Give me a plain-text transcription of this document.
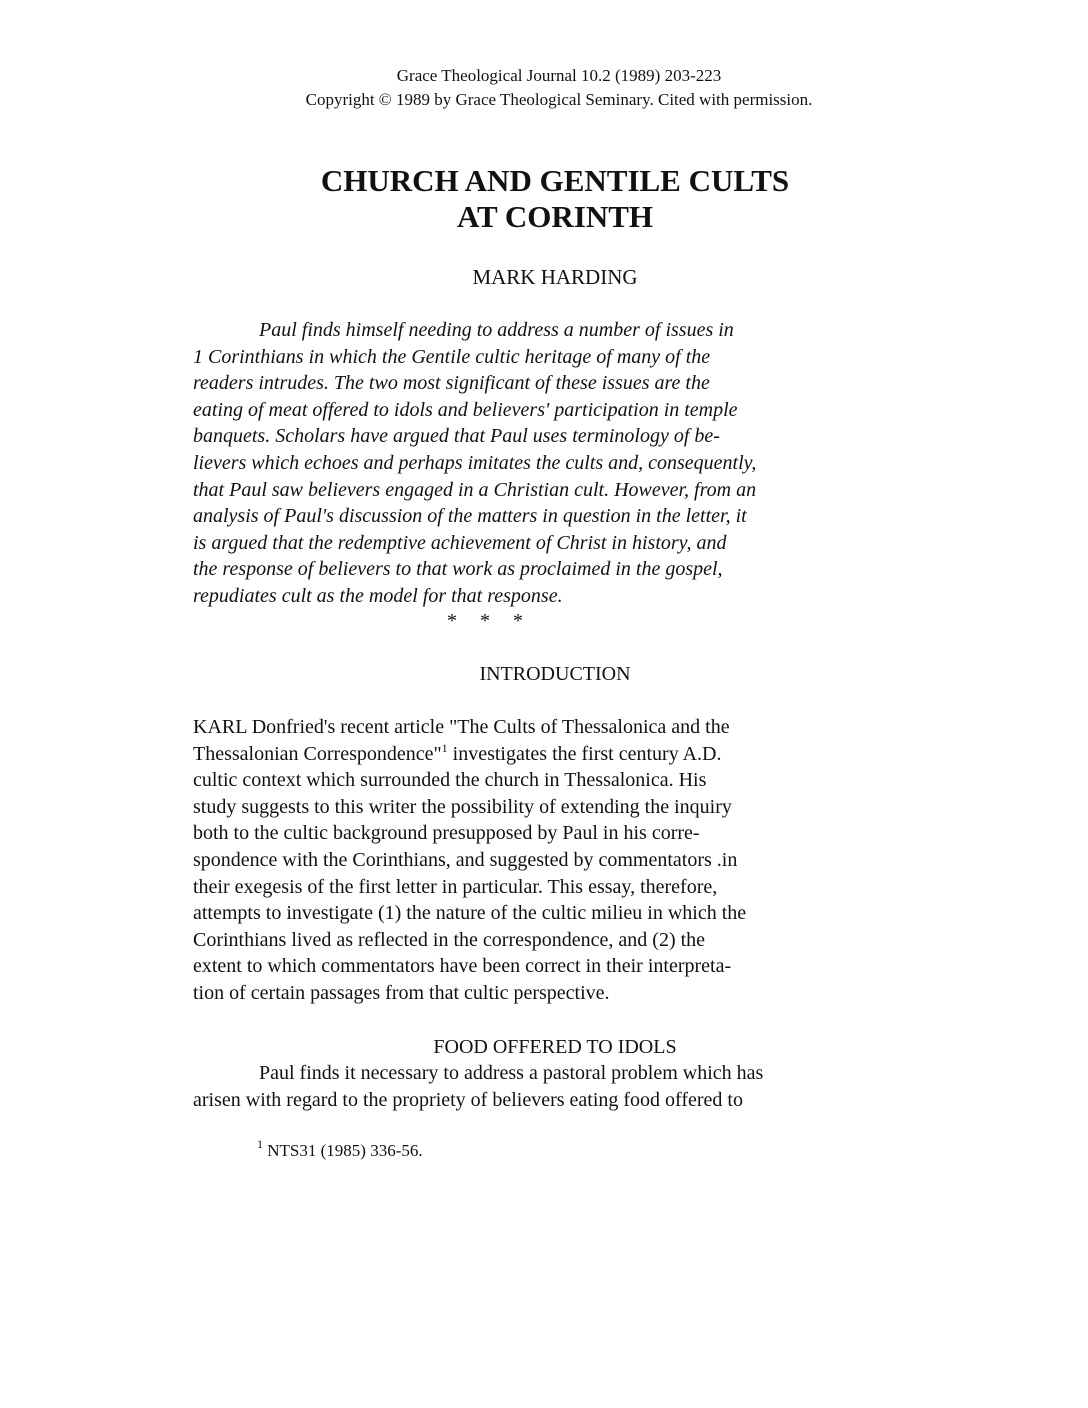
Grace Theological Journal 10.2 (1989) 203-223
Copyright © 1989 by Grace Theological Seminary. Cited with permission.
CHURCH AND GENTILE CULTS
AT CORINTH
MARK HARDING
Paul finds himself needing to address a number of issues in
1 Corinthians in which the Gentile cultic heritage of many of the
readers intrudes. The two most significant of these issues are the
eating of meat offered to idols and believers' participation in temple
banquets. Scholars have argued that Paul uses terminology of be-
lievers which echoes and perhaps imitates the cults and, consequently,
that Paul saw believers engaged in a Christian cult. However, from an
analysis of Paul's discussion of the matters in question in the letter, it
is argued that the redemptive achievement of Christ in history, and
the response of believers to that work as proclaimed in the gospel,
repudiates cult as the model for that response.
* * *
INTRODUCTION
KARL Donfried's recent article "The Cults of Thessalonica and the
Thessalonian Correspondence"$^1$ investigates the first century A.D.
cultic context which surrounded the church in Thessalonica. His
study suggests to this writer the possibility of extending the inquiry
both to the cultic background presupposed by Paul in his corre-
spondence with the Corinthians, and suggested by commentators .in
their exegesis of the first letter in particular. This essay, therefore,
attempts to investigate (1) the nature of the cultic milieu in which the
Corinthians lived as reflected in the correspondence, and (2) the
extent to which commentators have been correct in their interpreta-
tion of certain passages from that cultic perspective.
FOOD OFFERED TO IDOLS
Paul finds it necessary to address a pastoral problem which has
arisen with regard to the propriety of believers eating food offered to
$^1$ NTS31 (1985) 336-56.
